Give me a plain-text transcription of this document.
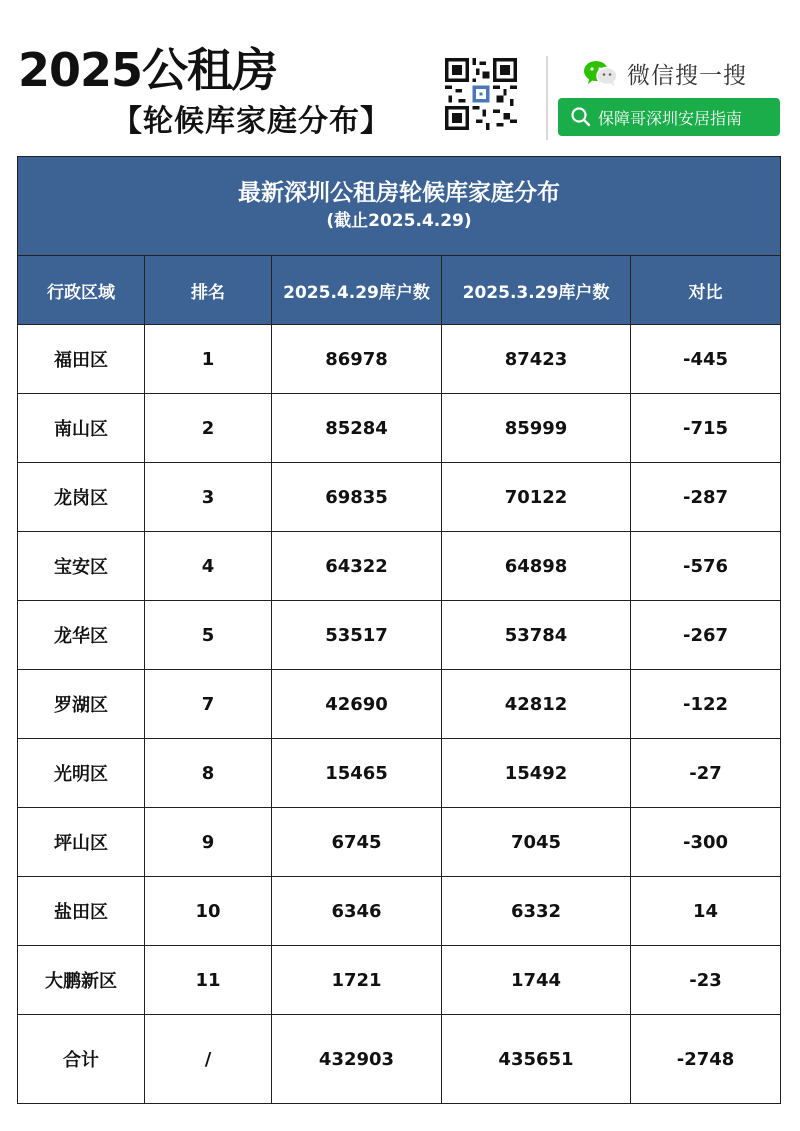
2025公租房
【轮候库家庭分布】
微信搜一搜
保障哥深圳安居指南
最新深圳公租房轮候库家庭分布
(截止2025.4.29)				

行政区域	排名	2025.4.29库户数	2025.3.29库户数	对比
福田区	1	86978	87423	-445
南山区	2	85284	85999	-715
龙岗区	3	69835	70122	-287
宝安区	4	64322	64898	-576
龙华区	5	53517	53784	-267
罗湖区	7	42690	42812	-122
光明区	8	15465	15492	-27
坪山区	9	6745	7045	-300
盐田区	10	6346	6332	14
大鹏新区	11	1721	1744	-23
合计	/	432903	435651	-2748
